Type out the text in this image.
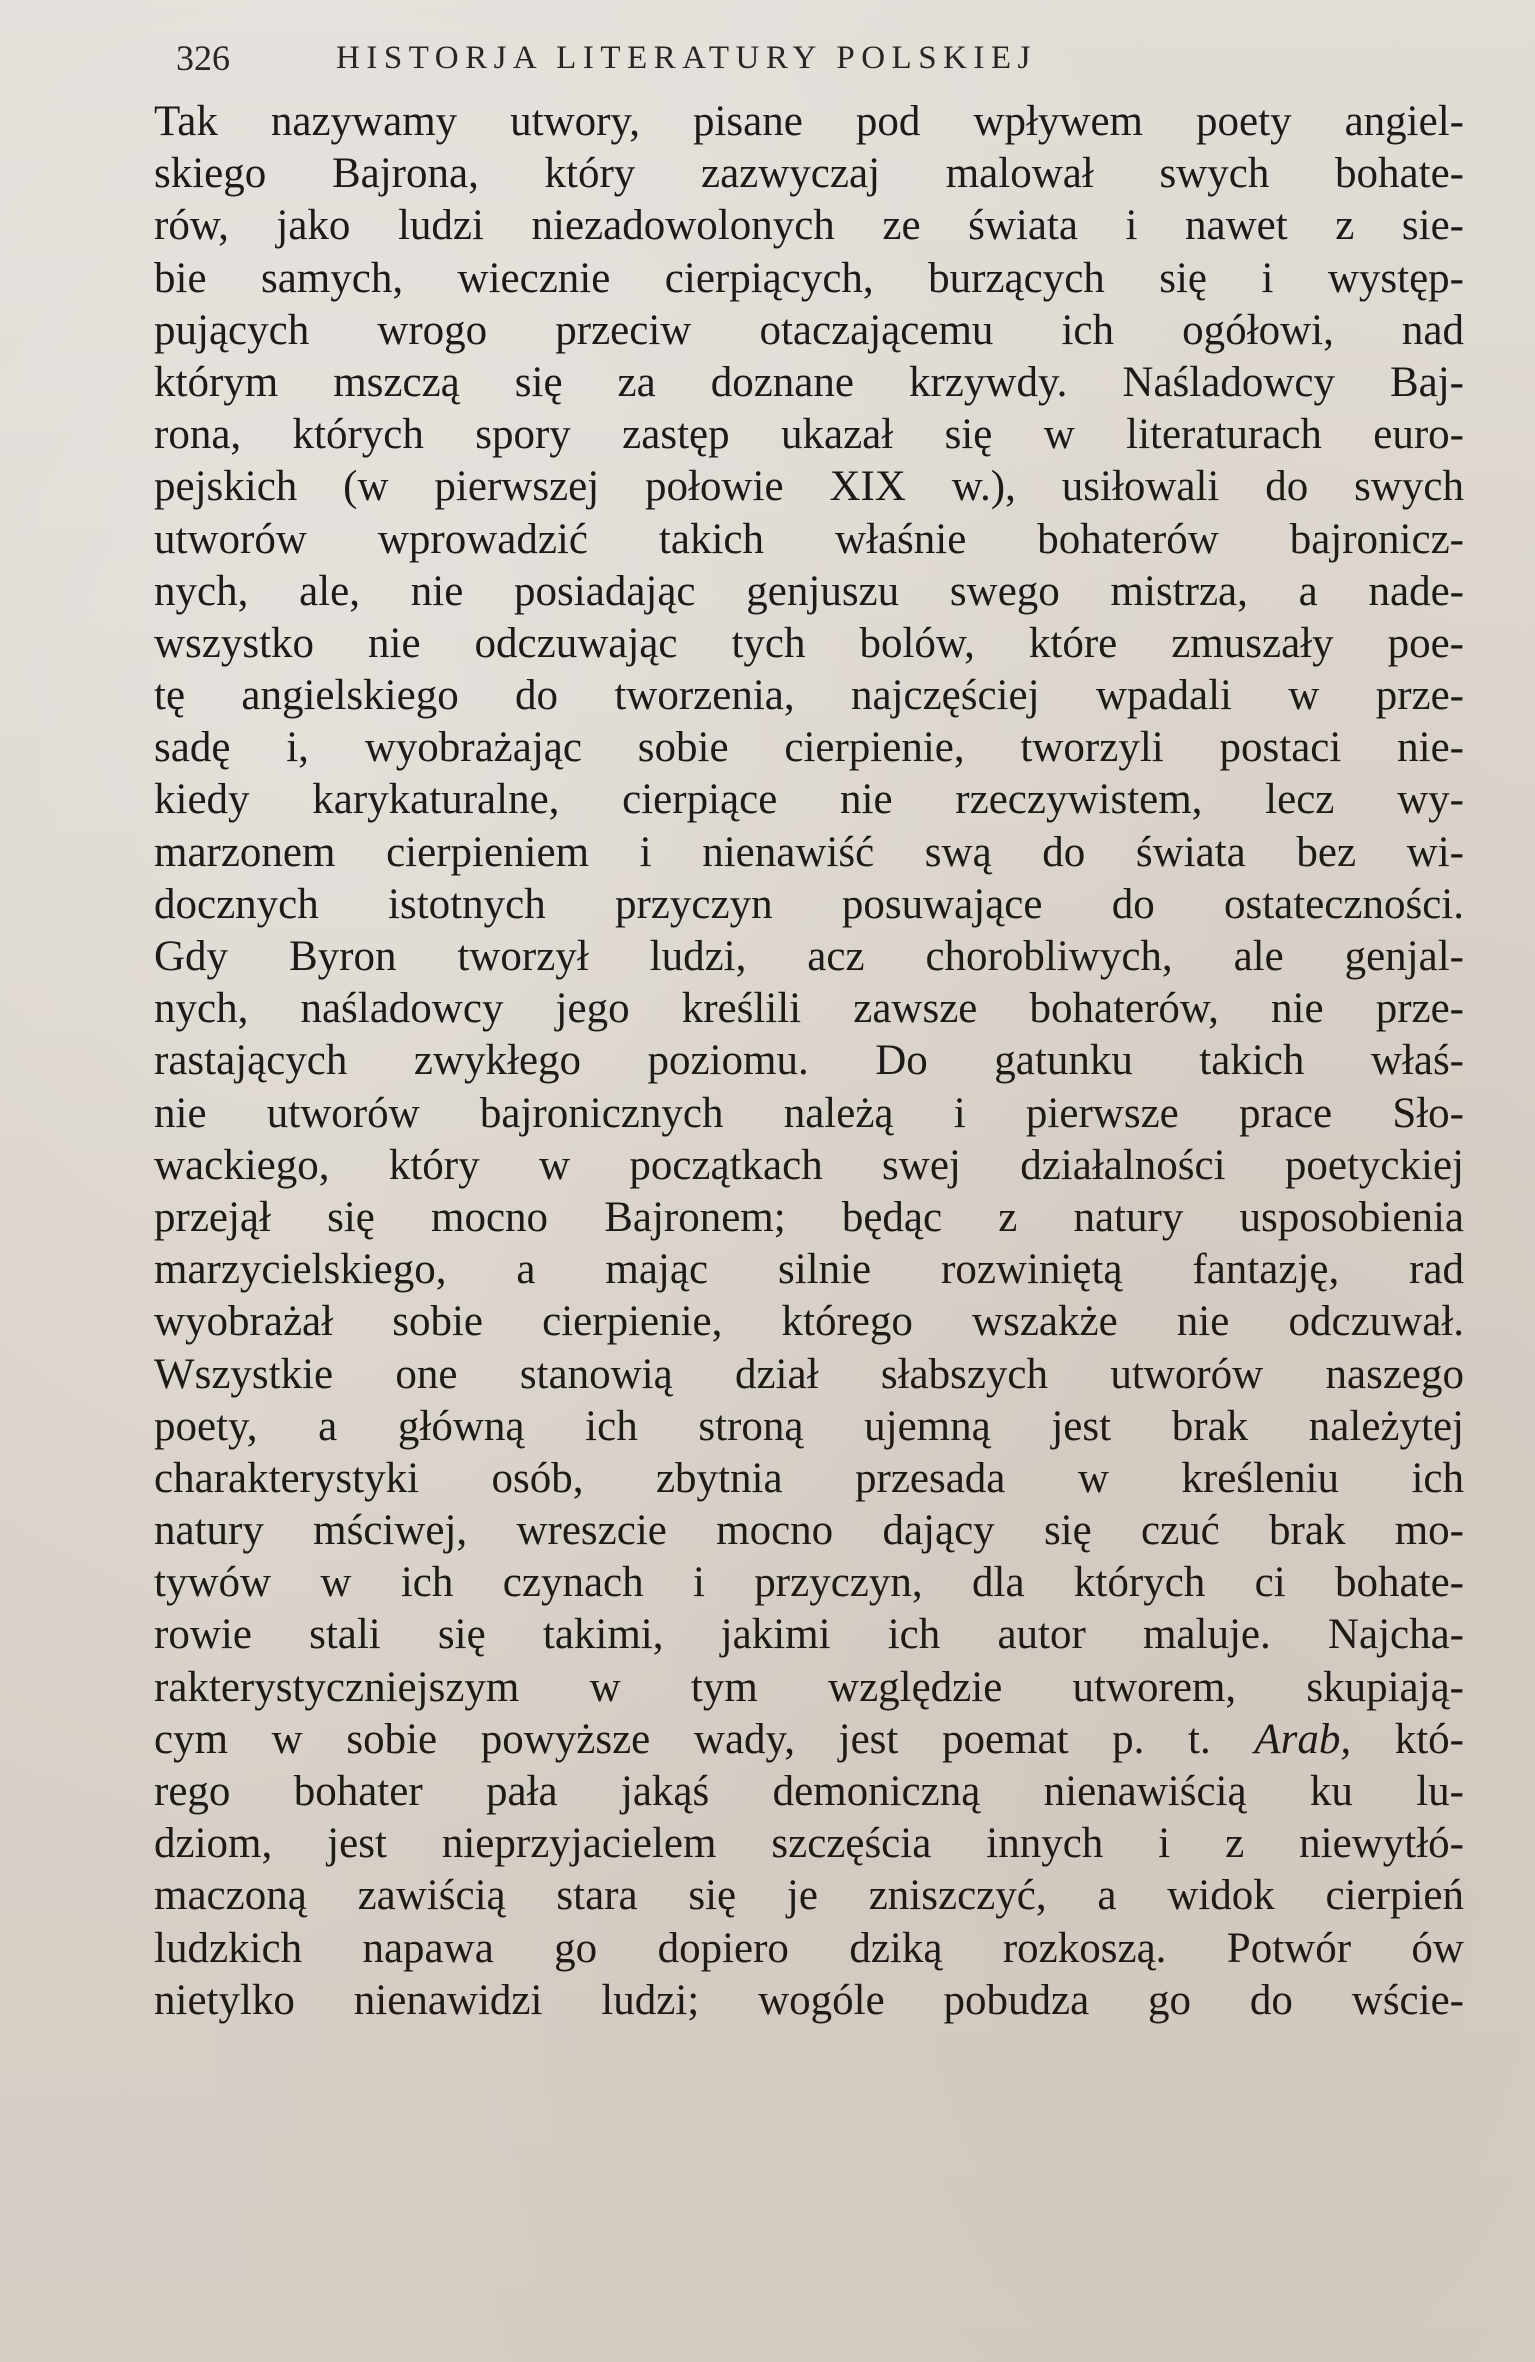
326	HISTORJA LITERATURY POLSKIEJ
Tak nazywamy utwory, pisane pod wpływem poety angiel-
skiego Bajrona, który zazwyczaj malował swych bohate-
rów, jako ludzi niezadowolonych ze świata i nawet z sie-
bie samych, wiecznie cierpiących, burzących się i występ-
pujących wrogo przeciw otaczającemu ich ogółowi, nad
którym mszczą się za doznane krzywdy. Naśladowcy Baj-
rona, których spory zastęp ukazał się w literaturach euro-
pejskich (w pierwszej połowie XIX w.), usiłowali do swych
utworów wprowadzić takich właśnie bohaterów bajronicz-
nych, ale, nie posiadając genjuszu swego mistrza, a nade-
wszystko nie odczuwając tych bolów, które zmuszały poe-
tę angielskiego do tworzenia, najczęściej wpadali w prze-
sadę i, wyobrażając sobie cierpienie, tworzyli postaci nie-
kiedy karykaturalne, cierpiące nie rzeczywistem, lecz wy-
marzonem cierpieniem i nienawiść swą do świata bez wi-
docznych istotnych przyczyn posuwające do ostateczności.
Gdy Byron tworzył ludzi, acz chorobliwych, ale genjal-
nych, naśladowcy jego kreślili zawsze bohaterów, nie prze-
rastających zwykłego poziomu. Do gatunku takich właś-
nie utworów bajronicznych należą i pierwsze prace Sło-
wackiego, który w początkach swej działalności poetyckiej
przejął się mocno Bajronem; będąc z natury usposobienia
marzycielskiego, a mając silnie rozwiniętą fantazję, rad
wyobrażał sobie cierpienie, którego wszakże nie odczuwał.
Wszystkie one stanowią dział słabszych utworów naszego
poety, a główną ich stroną ujemną jest brak należytej
charakterystyki osób, zbytnia przesada w kreśleniu ich
natury mściwej, wreszcie mocno dający się czuć brak mo-
tywów w ich czynach i przyczyn, dla których ci bohate-
rowie stali się takimi, jakimi ich autor maluje. Najcha-
rakterystyczniejszym w tym względzie utworem, skupiają-
cym w sobie powyższe wady, jest poemat p. t. Arab, któ-
rego bohater pała jakąś demoniczną nienawiścią ku lu-
dziom, jest nieprzyjacielem szczęścia innych i z niewytłó-
maczoną zawiścią stara się je zniszczyć, a widok cierpień
ludzkich napawa go dopiero dziką rozkoszą. Potwór ów
nietylko nienawidzi ludzi; wogóle pobudza go do wście-
